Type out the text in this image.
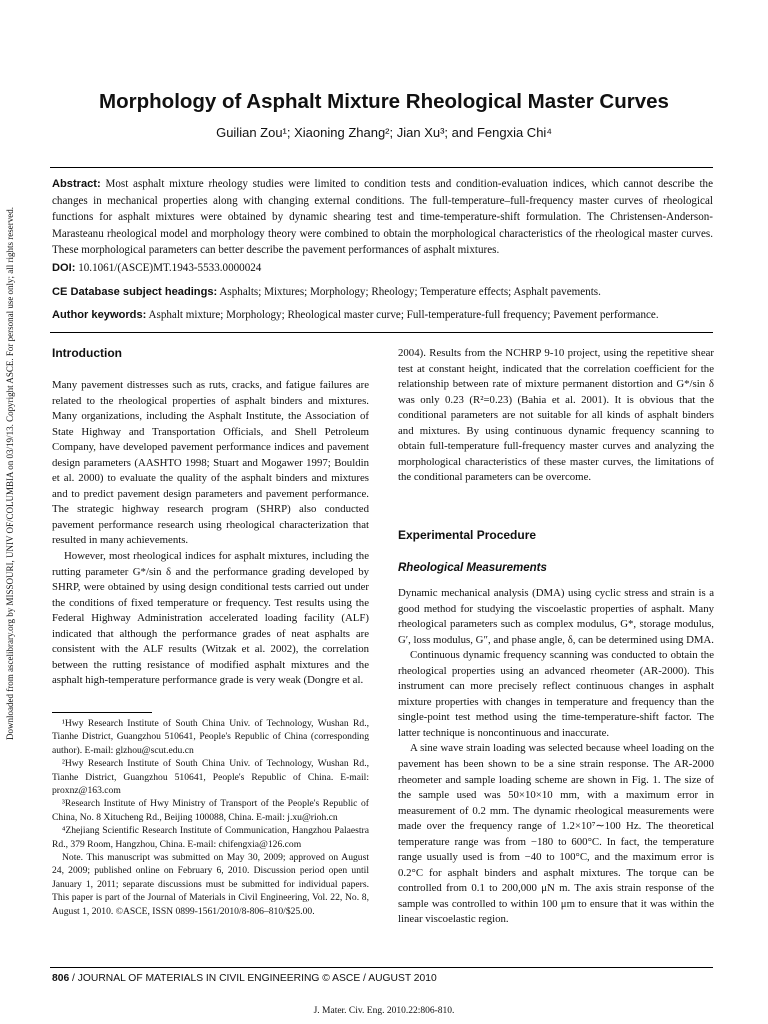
Downloaded from ascelibrary.org by MISSOURI, UNIV OF/COLUMBIA on 03/19/13. Copyright ASCE. For personal use only; all rights reserved.
Morphology of Asphalt Mixture Rheological Master Curves
Guilian Zou¹; Xiaoning Zhang²; Jian Xu³; and Fengxia Chi⁴
Abstract: Most asphalt mixture rheology studies were limited to condition tests and condition-evaluation indices, which cannot describe the changes in mechanical properties along with changing external conditions. The full-temperature–full-frequency master curves of rheological functions for asphalt mixtures were obtained by dynamic shearing test and time-temperature-shift formulation. The Christensen-Anderson-Marasteanu rheological model and morphology theory were combined to obtain the morphological characteristics of the rheological master curves. These morphological parameters can better describe the pavement performances of asphalt mixtures.
DOI: 10.1061/(ASCE)MT.1943-5533.0000024
CE Database subject headings: Asphalts; Mixtures; Morphology; Rheology; Temperature effects; Asphalt pavements.
Author keywords: Asphalt mixture; Morphology; Rheological master curve; Full-temperature-full frequency; Pavement performance.
Introduction

Many pavement distresses such as ruts, cracks, and fatigue failures are related to the rheological properties of asphalt binders and mixtures. Many organizations, including the Asphalt Institute, the Association of State Highway and Transportation Officials, and Shell Petroleum Company, have developed pavement performance indices and pavement design parameters (AASHTO 1998; Stuart and Mogawer 1997; Bouldin et al. 2000) to evaluate the quality of the asphalt binders and mixtures and to predict pavement design parameters and pavement performance. The strategic highway research program (SHRP) also conducted pavement performance research using rheological characterization that resulted in many achievements.

However, most rheological indices for asphalt mixtures, including the rutting parameter G*/sin δ and the performance grading developed by SHRP, were obtained by using design conditional tests carried out under the conditions of fixed temperature or frequency. Test results using the Federal Highway Administration accelerated loading facility (ALF) indicated that although the performance grades of neat asphalts are consistent with the ALF results (Witzak et al. 2002), the correlation between the rutting resistance of modified asphalt mixtures and the asphalt high-temperature performance grade is very weak (Dongre et al.

2004). Results from the NCHRP 9-10 project, using the repetitive shear test at constant height, indicated that the correlation coefficient for the relationship between rate of mixture permanent distortion and G*/sin δ was only 0.23 (R²=0.23) (Bahia et al. 2001). It is obvious that the conditional parameters are not suitable for all kinds of asphalt binders and mixtures. By using continuous dynamic frequency scanning to obtain full-temperature full-frequency master curves and analyzing the morphological characteristics of these master curves, the limitations of the conditional parameters can be overcome.

Experimental Procedure
Rheological Measurements

Dynamic mechanical analysis (DMA) using cyclic stress and strain is a good method for studying the viscoelastic properties of asphalt. Many rheological parameters such as complex modulus, G*, storage modulus, G′, loss modulus, G″, and phase angle, δ, can be determined using DMA.

Continuous dynamic frequency scanning was conducted to obtain the rheological properties using an advanced rheometer (AR-2000). This instrument can more precisely reflect continuous changes in asphalt mixture properties with changes in temperature and frequency than the single-point test method using the time-temperature-shift factor. The latter technique is noncontinuous and inaccurate.

A sine wave strain loading was selected because wheel loading on the pavement has been shown to be a sine strain response. The AR-2000 rheometer and sample loading scheme are shown in Fig. 1. The size of the sample used was 50×10×10 mm, with a maximum error in measurement of 0.2 mm. The dynamic rheological measurements were made over the frequency range of 1.2×10⁷∼100 Hz. The theoretical temperature range was from −180 to 600°C. In fact, the temperature range usually used is from −40 to 100°C, and the maximum error is 0.2°C for asphalt binders and asphalt mixtures. The torque can be controlled from 0.1 to 200,000 μN m. The axis strain response of the sample was controlled to within 100 μm to ensure that it was within the linear viscoelastic region.

¹Hwy Research Institute of South China Univ. of Technology, Wushan Rd., Tianhe District, Guangzhou 510641, People's Republic of China (corresponding author). E-mail: glzhou@scut.edu.cn

²Hwy Research Institute of South China Univ. of Technology, Wushan Rd., Tianhe District, Guangzhou 510641, People's Republic of China. E-mail: proxnz@163.com

³Research Institute of Hwy Ministry of Transport of the People's Republic of China, No. 8 Xitucheng Rd., Beijing 100088, China. E-mail: j.xu@rioh.cn

⁴Zhejiang Scientific Research Institute of Communication, Hangzhou Palaestra Rd., 379 Room, Hangzhou, China. E-mail: chifengxia@126.com

Note. This manuscript was submitted on May 30, 2009; approved on August 24, 2009; published online on February 6, 2010. Discussion period open until January 1, 2011; separate discussions must be submitted for individual papers. This paper is part of the Journal of Materials in Civil Engineering, Vol. 22, No. 8, August 1, 2010. ©ASCE, ISSN 0899-1561/2010/8-806–810/$25.00.

806 / JOURNAL OF MATERIALS IN CIVIL ENGINEERING © ASCE / AUGUST 2010
J. Mater. Civ. Eng. 2010.22:806-810.
